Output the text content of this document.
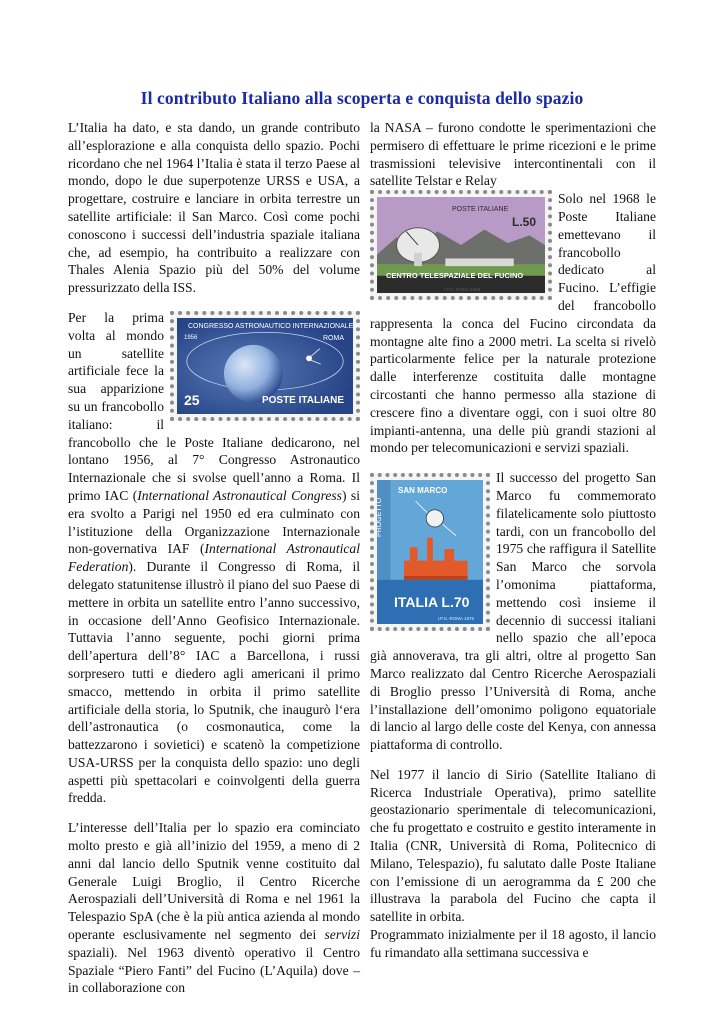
Il contributo Italiano alla scoperta e conquista dello spazio

L’Italia ha dato, e sta dando, un grande contributo all’esplorazione e alla conquista dello spazio. Pochi ricordano che nel 1964 l’Italia è stata il terzo Paese al mondo, dopo le due superpotenze URSS e USA, a progettare, costruire e lanciare in orbita terrestre un satellite artificiale: il San Marco. Così come pochi conoscono i successi dell’industria spaziale italiana che, ad esempio, ha contribuito a realizzare con Thales Alenia Spazio più del 50% del volume pressurizzato della ISS.

CONGRESSO ASTRONAUTICO INTERNAZIONALE
1956	ROMA
25	POSTE ITALIANE
Per la prima volta al mondo un satellite artificiale fece la sua apparizione su un francobollo italiano: il francobollo che le Poste Italiane dedicarono, nel lontano 1956, al 7° Congresso Astronautico Internazionale che si svolse quell’anno a Roma. Il primo IAC (International Astronautical Congress) si era svolto a Parigi nel 1950 ed era culminato con l’istituzione della Organizzazione Internazionale non-governativa IAF (International Astronautical Federation). Durante il Congresso di Roma, il delegato statunitense illustrò il piano del suo Paese di mettere in orbita un satellite entro l’anno successivo, in occasione dell’Anno Geofisico Internazionale. Tuttavia l’anno seguente, pochi giorni prima dell’apertura dell’8° IAC a Barcellona, i russi sorpresero tutti e diedero agli americani il primo smacco, mettendo in orbita il primo satellite artificiale della storia, lo Sputnik, che inaugurò l‘era dell’astronautica (o cosmonautica, come la battezzarono i sovietici) e scatenò la competizione USA-URSS per la conquista dello spazio: uno degli aspetti più spettacolari e coinvolgenti della guerra fredda.

L’interesse dell’Italia per lo spazio era cominciato molto presto e già all’inizio del 1959, a meno di 2 anni dal lancio dello Sputnik venne costituito dal Generale Luigi Broglio, il Centro Ricerche Aerospaziali dell’Università di Roma e nel 1961 la Telespazio SpA (che è la più antica azienda al mondo operante esclusivamente nel segmento dei servizi spaziali). Nel 1963 diventò operativo il Centro Spaziale “Piero Fanti” del Fucino (L’Aquila) dove – in collaborazione con

la NASA – furono condotte le sperimentazioni che permisero di effettuare le prime ricezioni e le prime trasmissioni televisive intercontinentali con il satellite Telstar e Relay

POSTE ITALIANE
L.50
CENTRO TELESPAZIALE DEL FUCINO
I.P.S.-ROMA 1968
Solo nel 1968 le Poste Italiane emettevano il francobollo dedicato al Fucino. L’effigie del francobollo rappresenta la conca del Fucino circondata da montagne alte fino a 2000 metri. La scelta si rivelò particolarmente felice per la naturale protezione dalle interferenze costituita dalle montagne circostanti che hanno permesso alla stazione di crescere fino a diventare oggi, con i suoi oltre 80 impianti-antenna, una delle più grandi stazioni al mondo per telecomunicazioni e servizi spaziali.

SAN MARCO
PROGETTO
ITALIA L.70
I.P.S.-ROMA 1975
Il successo del progetto San Marco fu commemorato filatelicamente solo piuttosto tardi, con un francobollo del 1975 che raffigura il Satellite San Marco che sorvola l’omonima piattaforma, mettendo così insieme il decennio di successi italiani nello spazio che all’epoca già annoverava, tra gli altri, oltre al progetto San Marco realizzato dal Centro Ricerche Aerospaziali di Broglio presso l’Università di Roma, anche l’installazione dell’omonimo poligono equatoriale di lancio al largo delle coste del Kenya, con annessa piattaforma di controllo.

Nel 1977 il lancio di Sirio (Satellite Italiano di Ricerca Industriale Operativa), primo satellite geostazionario sperimentale di telecomunicazioni, che fu progettato e costruito e gestito interamente in Italia (CNR, Università di Roma, Politecnico di Milano, Telespazio), fu salutato dalle Poste Italiane con l’emissione di un aerogramma da £ 200 che illustrava la parabola del Fucino che capta il satellite in orbita.

Programmato inizialmente per il 18 agosto, il lancio fu rimandato alla settimana successiva e
